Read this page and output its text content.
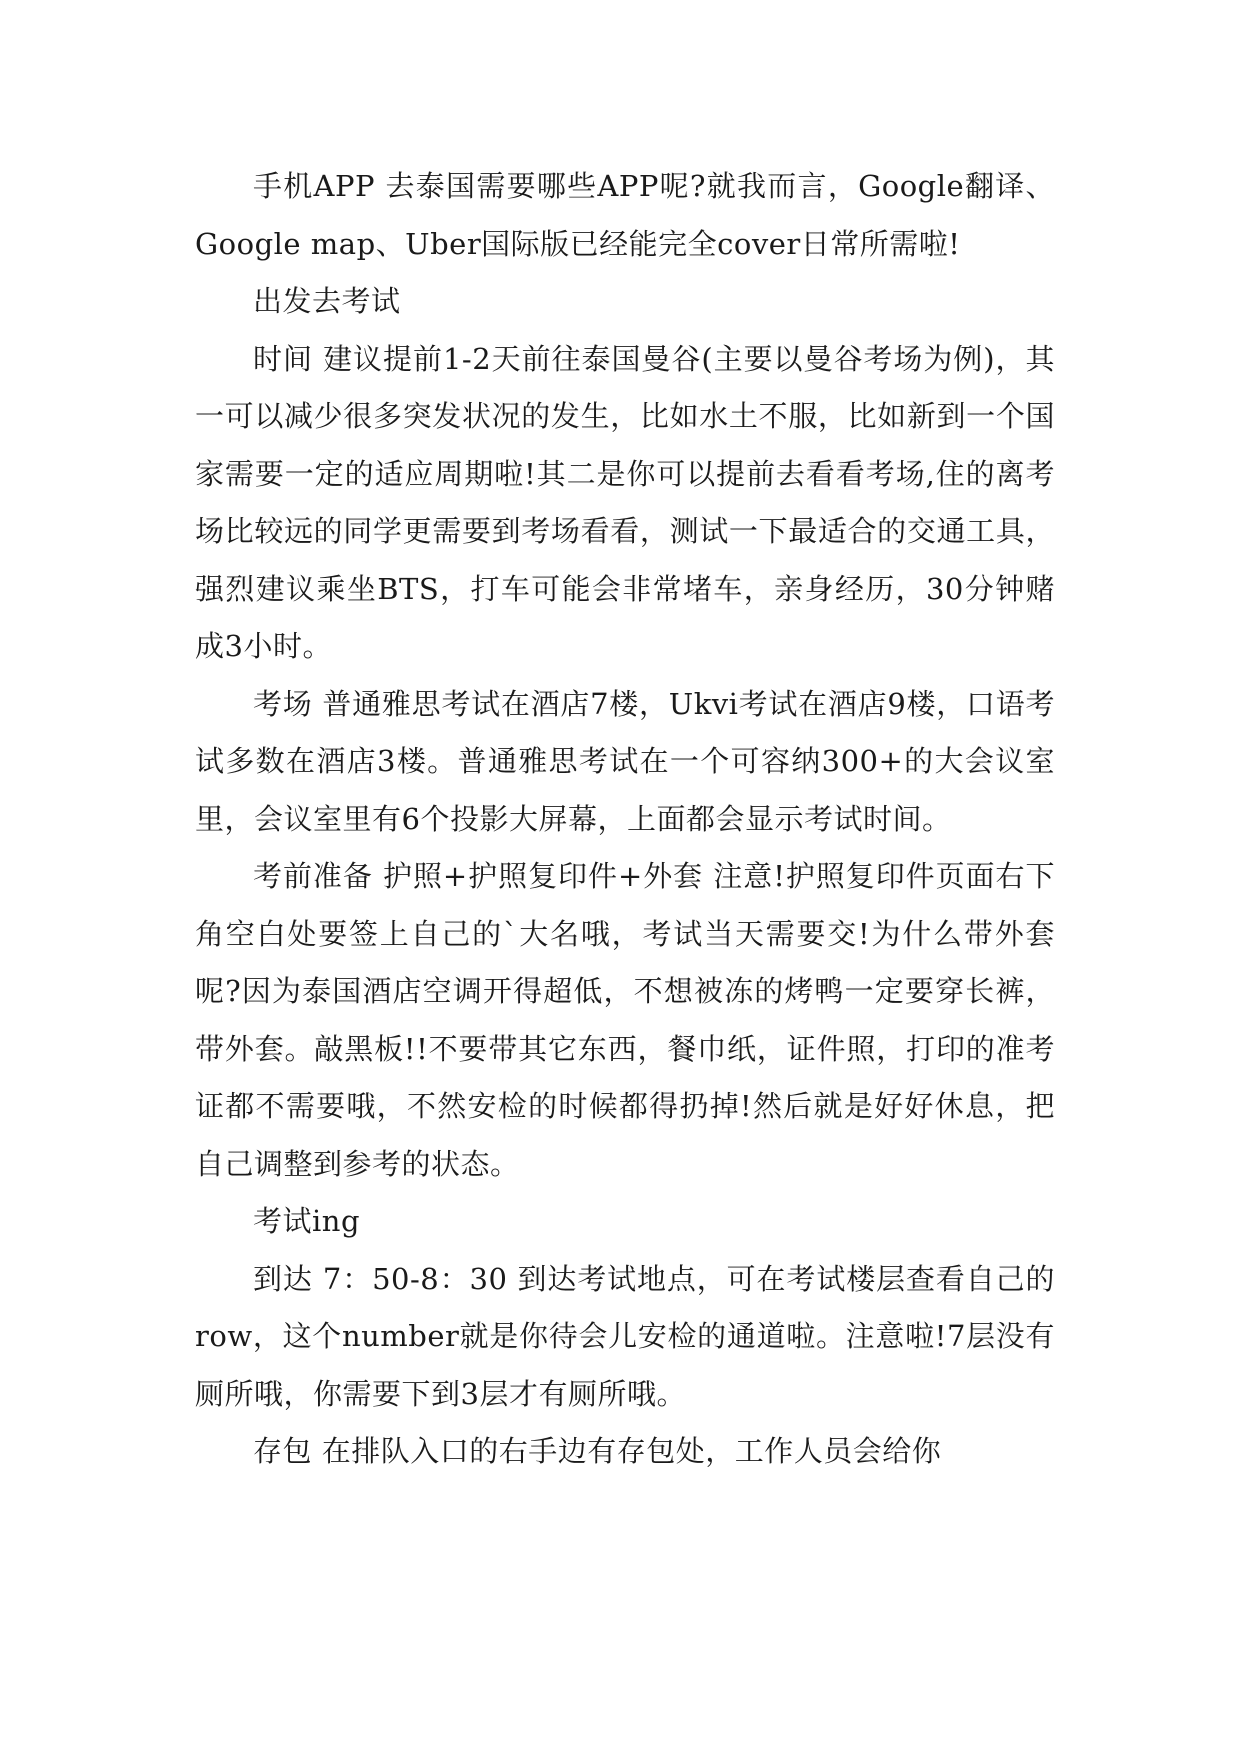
手机APP 去泰国需要哪些APP呢?就我而言，Google翻译、Google map、Uber国际版已经能完全cover日常所需啦!

出发去考试

时间 建议提前1-2天前往泰国曼谷(主要以曼谷考场为例)，其一可以减少很多突发状况的发生，比如水土不服，比如新到一个国家需要一定的适应周期啦!其二是你可以提前去看看考场,住的离考场比较远的同学更需要到考场看看，测试一下最适合的交通工具，强烈建议乘坐BTS，打车可能会非常堵车，亲身经历，30分钟赌成3小时。

考场 普通雅思考试在酒店7楼，Ukvi考试在酒店9楼，口语考试多数在酒店3楼。普通雅思考试在一个可容纳300+的大会议室里，会议室里有6个投影大屏幕，上面都会显示考试时间。

考前准备 护照+护照复印件+外套 注意!护照复印件页面右下角空白处要签上自己的`大名哦，考试当天需要交!为什么带外套呢?因为泰国酒店空调开得超低，不想被冻的烤鸭一定要穿长裤，带外套。敲黑板!!不要带其它东西，餐巾纸，证件照，打印的准考证都不需要哦，不然安检的时候都得扔掉!然后就是好好休息，把自己调整到参考的状态。

考试ing

到达 7：50-8：30 到达考试地点，可在考试楼层查看自己的row，这个number就是你待会儿安检的通道啦。注意啦!7层没有厕所哦，你需要下到3层才有厕所哦。

存包 在排队入口的右手边有存包处，工作人员会给你
